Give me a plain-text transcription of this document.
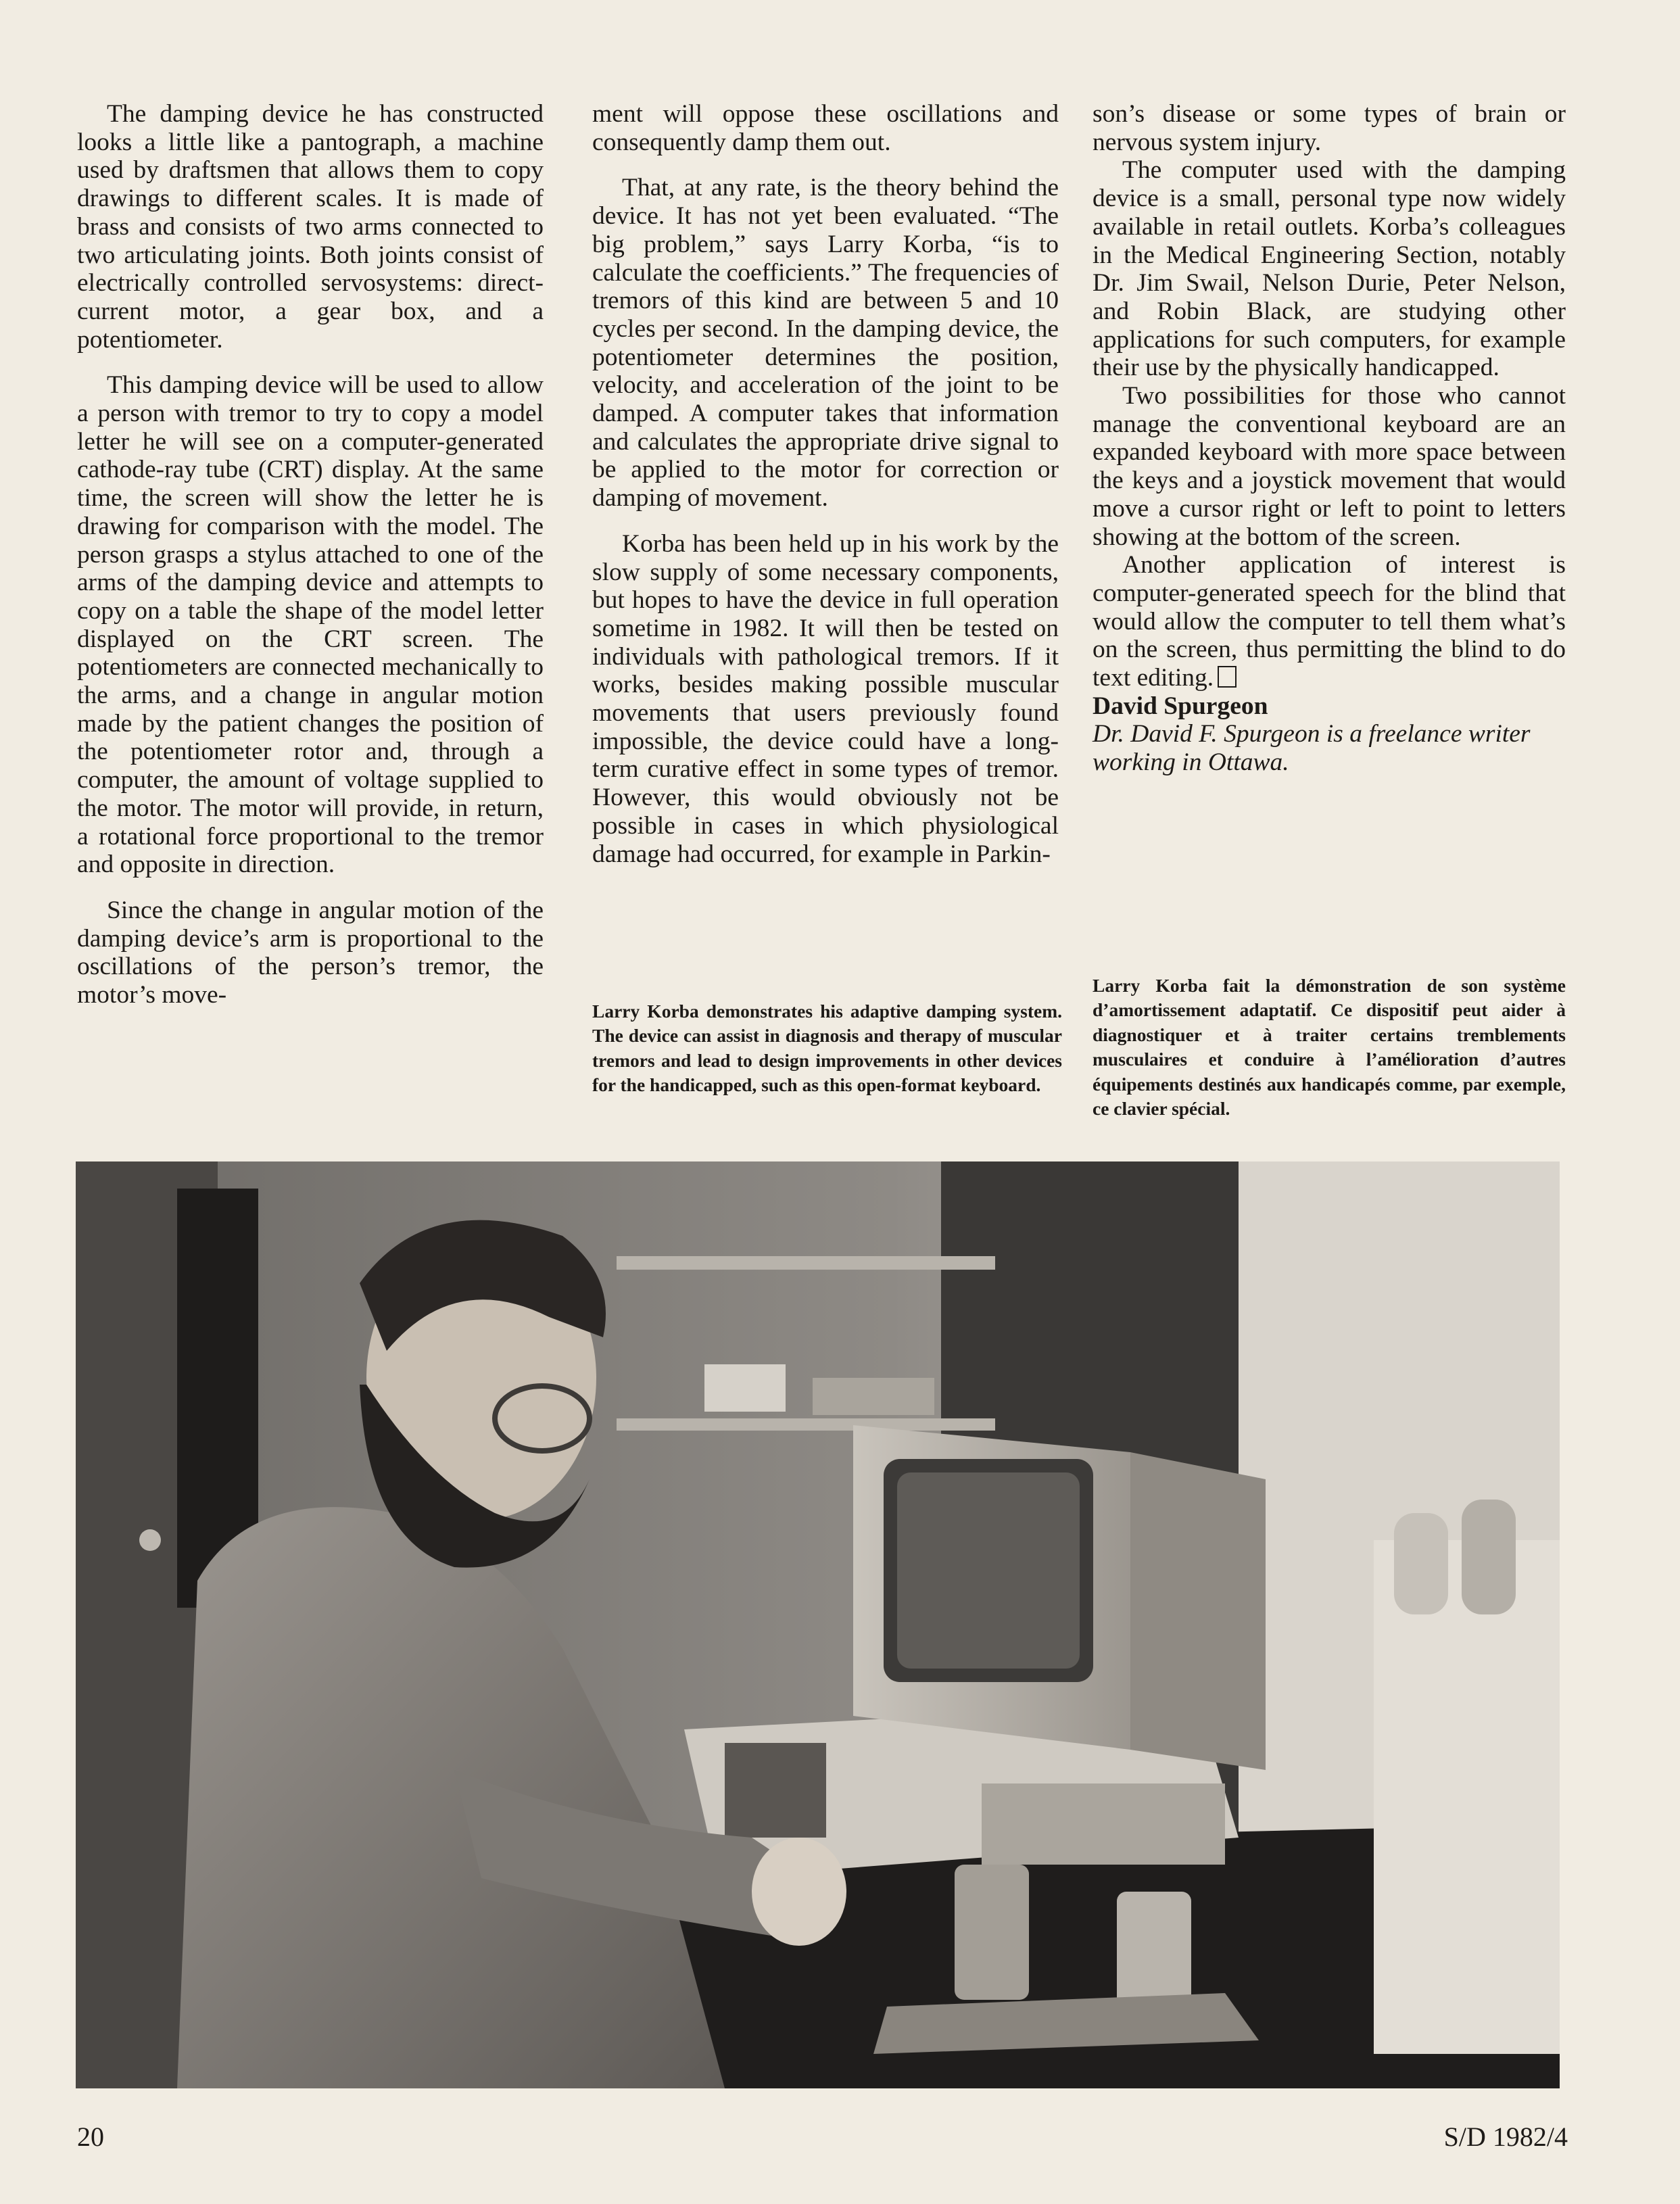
The damping device he has constructed looks a little like a pantograph, a machine used by draftsmen that allows them to copy drawings to different scales. It is made of brass and consists of two arms connected to two articulating joints. Both joints consist of electrically controlled servosystems: direct-current motor, a gear box, and a potentiometer.

This damping device will be used to allow a person with tremor to try to copy a model letter he will see on a computer-generated cathode-ray tube (CRT) display. At the same time, the screen will show the letter he is drawing for comparison with the model. The person grasps a stylus attached to one of the arms of the damping device and attempts to copy on a table the shape of the model letter displayed on the CRT screen. The potentiometers are connected mechanically to the arms, and a change in angular motion made by the patient changes the position of the potentiometer rotor and, through a computer, the amount of voltage supplied to the motor. The motor will provide, in return, a rotational force proportional to the tremor and opposite in direction.

Since the change in angular motion of the damping device’s arm is proportional to the oscillations of the person’s tremor, the motor’s move-

ment will oppose these oscillations and consequently damp them out.

That, at any rate, is the theory behind the device. It has not yet been evaluated. “The big problem,” says Larry Korba, “is to calculate the coefficients.” The frequencies of tremors of this kind are between 5 and 10 cycles per second. In the damping device, the potentiometer determines the position, velocity, and acceleration of the joint to be damped. A computer takes that information and calculates the appropriate drive signal to be applied to the motor for correction or damping of movement.

Korba has been held up in his work by the slow supply of some necessary components, but hopes to have the device in full operation sometime in 1982. It will then be tested on individuals with pathological tremors. If it works, besides making possible muscular movements that users previously found impossible, the device could have a long-term curative effect in some types of tremor. However, this would obviously not be possible in cases in which physiological damage had occurred, for example in Parkin-

son’s disease or some types of brain or nervous system injury.

The computer used with the damping device is a small, personal type now widely available in retail outlets. Korba’s colleagues in the Medical Engineering Section, notably Dr. Jim Swail, Nelson Durie, Peter Nelson, and Robin Black, are studying other applications for such computers, for example their use by the physically handicapped.

Two possibilities for those who cannot manage the conventional keyboard are an expanded keyboard with more space between the keys and a joystick movement that would move a cursor right or left to point to letters showing at the bottom of the screen.

Another application of interest is computer-generated speech for the blind that would allow the computer to tell them what’s on the screen, thus permitting the blind to do text editing.

David Spurgeon

Dr. David F. Spurgeon is a freelance writer working in Ottawa.

Larry Korba demonstrates his adaptive damping system. The device can assist in diagnosis and therapy of muscular tremors and lead to design improvements in other devices for the handicapped, such as this open-format keyboard.
Larry Korba fait la démonstration de son système d’amortissement adaptatif. Ce dispositif peut aider à diagnostiquer et à traiter certains tremblements musculaires et conduire à l’amélioration d’autres équipements destinés aux handicapés comme, par exemple, ce clavier spécial.
20	S/D 1982/4
